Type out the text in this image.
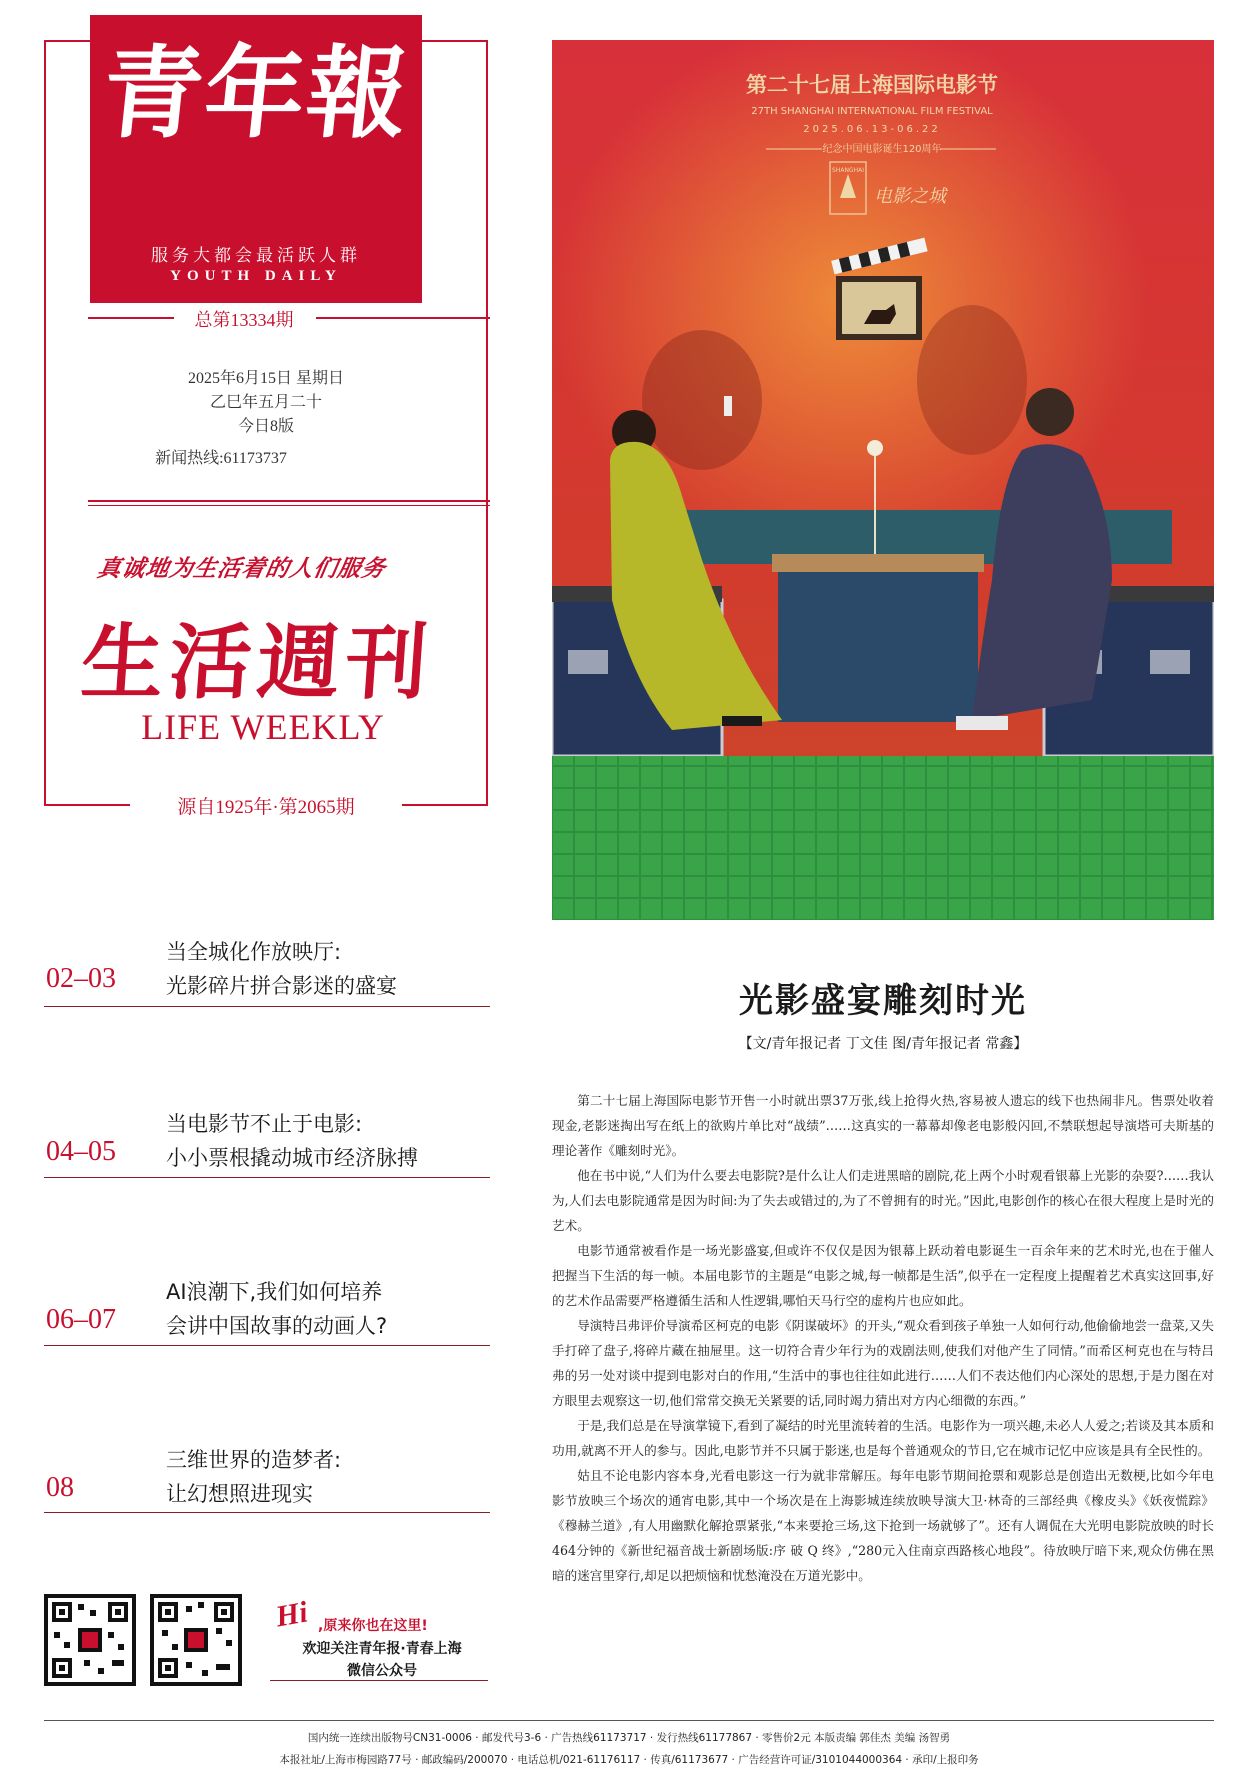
青年報
服务大都会最活跃人群
YOUTH DAILY
总第13334期
2025年6月15日 星期日
乙巳年五月二十
今日8版
新闻热线:61173737
真诚地为生活着的人们服务
生活週刊
LIFE WEEKLY
源自1925年·第2065期
第二十七届上海国际电影节
27TH SHANGHAI INTERNATIONAL FILM FESTIVAL
2025.06.13-06.22
纪念中国电影诞生120周年
SHANGHAI
电影之城
当全城化作放映厅:
光影碎片拼合影迷的盛宴
02–03
当电影节不止于电影:
小小票根撬动城市经济脉搏
04–05
AI浪潮下,我们如何培养
会讲中国故事的动画人?
06–07
三维世界的造梦者:
让幻想照进现实
08
Hi ,原来你也在这里!
欢迎关注青年报·青春上海
微信公众号
光影盛宴雕刻时光
【文/青年报记者 丁文佳 图/青年报记者 常鑫】

第二十七届上海国际电影节开售一小时就出票37万张,线上抢得火热,容易被人遗忘的线下也热闹非凡。售票处收着现金,老影迷掏出写在纸上的欲购片单比对“战绩”……这真实的一幕幕却像老电影般闪回,不禁联想起导演塔可夫斯基的理论著作《雕刻时光》。

他在书中说,“人们为什么要去电影院?是什么让人们走进黑暗的剧院,花上两个小时观看银幕上光影的杂耍?……我认为,人们去电影院通常是因为时间:为了失去或错过的,为了不曾拥有的时光。”因此,电影创作的核心在很大程度上是时光的艺术。

电影节通常被看作是一场光影盛宴,但或许不仅仅是因为银幕上跃动着电影诞生一百余年来的艺术时光,也在于催人把握当下生活的每一帧。本届电影节的主题是“电影之城,每一帧都是生活”,似乎在一定程度上提醒着艺术真实这回事,好的艺术作品需要严格遵循生活和人性逻辑,哪怕天马行空的虚构片也应如此。

导演特吕弗评价导演希区柯克的电影《阴谋破坏》的开头,“观众看到孩子单独一人如何行动,他偷偷地尝一盘菜,又失手打碎了盘子,将碎片藏在抽屉里。这一切符合青少年行为的戏剧法则,使我们对他产生了同情。”而希区柯克也在与特吕弗的另一处对谈中提到电影对白的作用,“生活中的事也往往如此进行……人们不表达他们内心深处的思想,于是力图在对方眼里去观察这一切,他们常常交换无关紧要的话,同时竭力猜出对方内心细微的东西。”

于是,我们总是在导演掌镜下,看到了凝结的时光里流转着的生活。电影作为一项兴趣,未必人人爱之;若谈及其本质和功用,就离不开人的参与。因此,电影节并不只属于影迷,也是每个普通观众的节日,它在城市记忆中应该是具有全民性的。

姑且不论电影内容本身,光看电影这一行为就非常解压。每年电影节期间抢票和观影总是创造出无数梗,比如今年电影节放映三个场次的通宵电影,其中一个场次是在上海影城连续放映导演大卫·林奇的三部经典《橡皮头》《妖夜慌踪》《穆赫兰道》,有人用幽默化解抢票紧张,“本来要抢三场,这下抢到一场就够了”。还有人调侃在大光明电影院放映的时长464分钟的《新世纪福音战士新剧场版:序 破 Q 终》,“280元入住南京西路核心地段”。待放映厅暗下来,观众仿佛在黑暗的迷宫里穿行,却足以把烦恼和忧愁淹没在万道光影中。

国内统一连续出版物号CN31-0006 · 邮发代号3-6 · 广告热线61173717 · 发行热线61177867 · 零售价2元 本版责编 郭佳杰 美编 汤智勇
本报社址/上海市梅园路77号 · 邮政编码/200070 · 电话总机/021-61176117 · 传真/61173677 · 广告经营许可证/3101044000364 · 承印/上报印务
